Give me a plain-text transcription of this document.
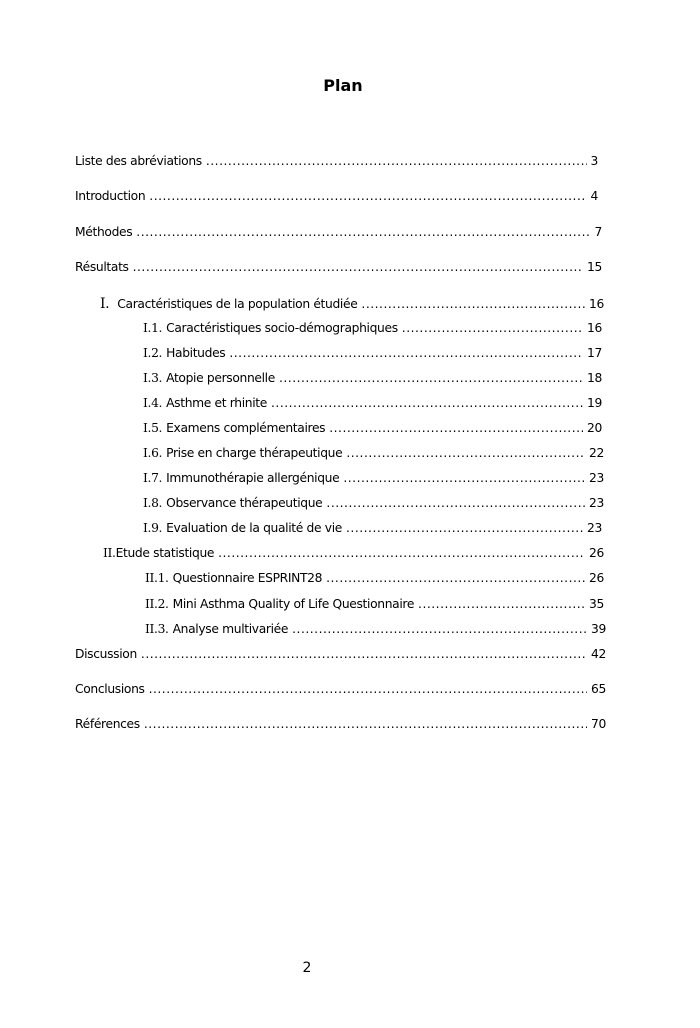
Plan
Liste des abréviations .....	3
Introduction .....	4
Méthodes .....	7
Résultats .....	15
I. Caractéristiques de la population étudiée .....	16
I.1. Caractéristiques socio-démographiques .....	16
I.2. Habitudes .....	17
I.3. Atopie personnelle .....	18
I.4. Asthme et rhinite .....	19
I.5. Examens complémentaires .....	20
I.6. Prise en charge thérapeutique .....	22
I.7. Immunothérapie allergénique .....	23
I.8. Observance thérapeutique .....	23
I.9. Evaluation de la qualité de vie .....	23
II.Etude statistique .....	26
II.1. Questionnaire ESPRINT28 .....	26
II.2. Mini Asthma Quality of Life Questionnaire .....	35
II.3. Analyse multivariée .....	39
Discussion .....	42
Conclusions .....	65
Références .....	70
2
